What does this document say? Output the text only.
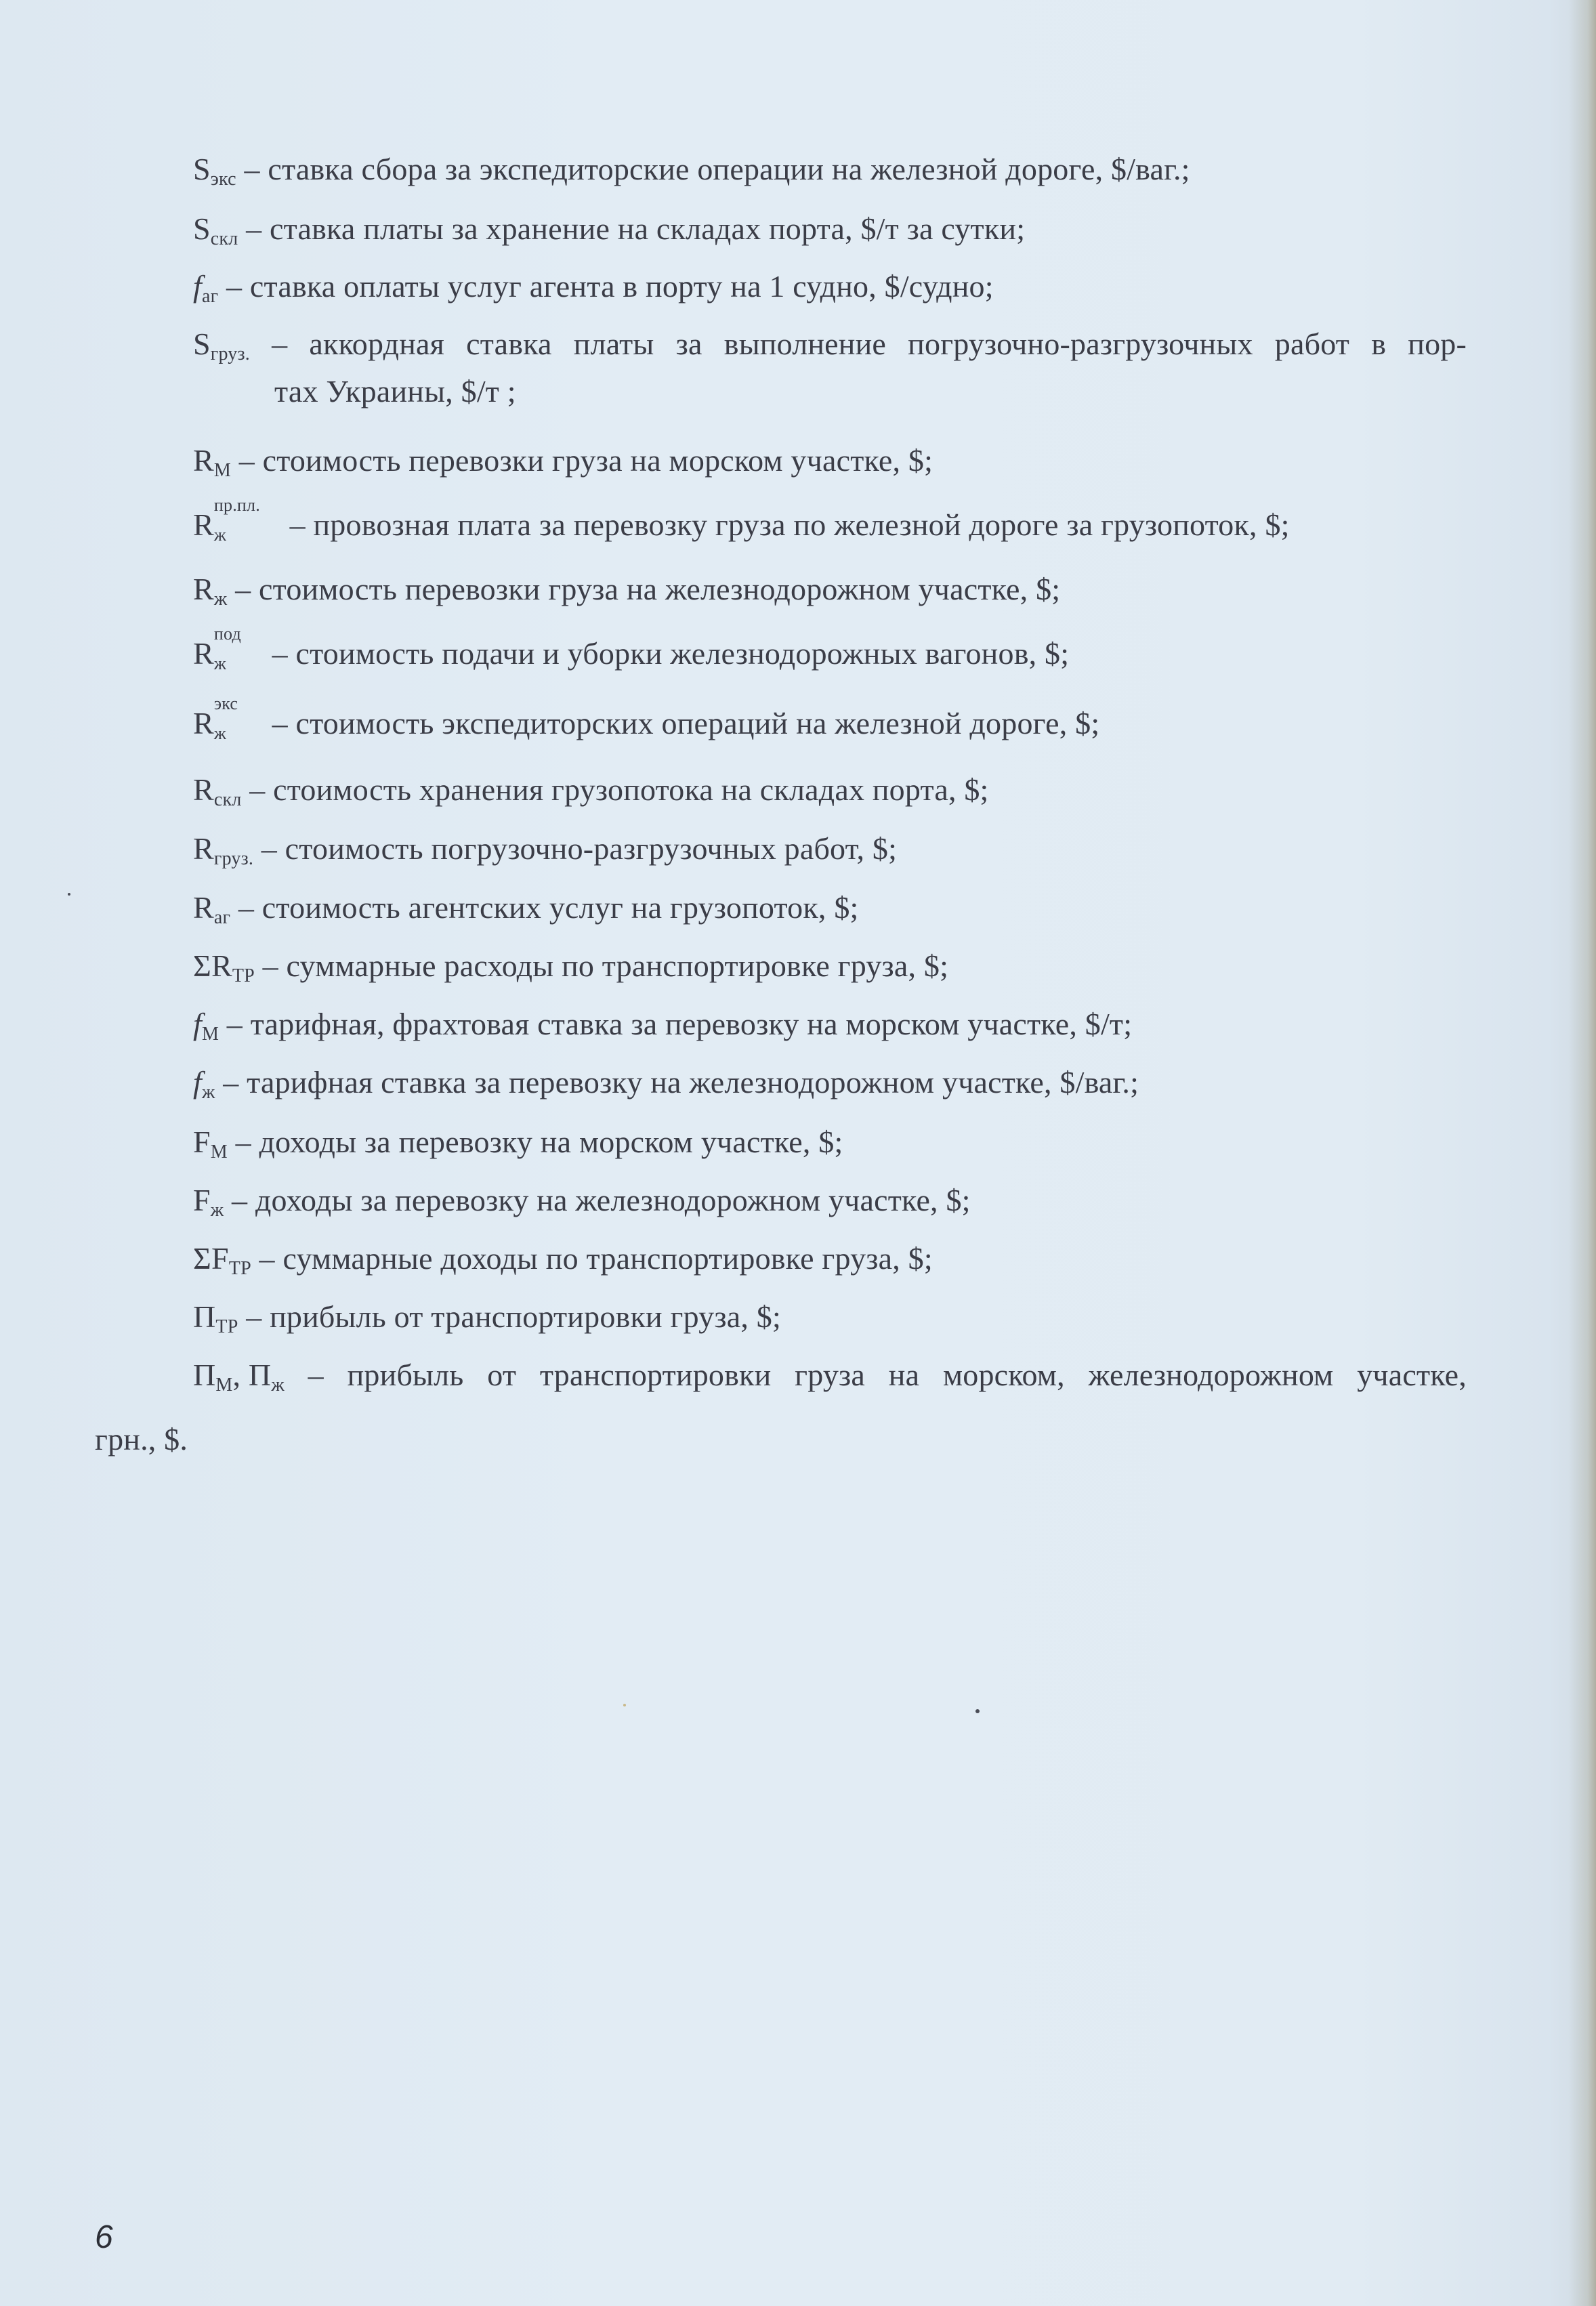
$S_{экс}$ – ставка сбора за экспедиторские операции на железной дороге, $/ваг.;
$S_{скл}$ – ставка платы за хранение на складах порта, $/т за сутки;
$f_{аг}$ – ставка оплаты услуг агента в порту на 1 судно, $/судно;
$S_{груз.}$ – аккордная ставка платы за выполнение погрузочно-разгрузочных работ в пор-
тах Украины, $/т ;
$R_М$ – стоимость перевозки груза на морском участке, $;
R
пр.пл.
ж – провозная плата за перевозку груза по железной дороге за грузопоток, $;
$R_ж$ – стоимость перевозки груза на железнодорожном участке, $;
R
под
ж – стоимость подачи и уборки железнодорожных вагонов, $;
R
экс
ж – стоимость экспедиторских операций на железной дороге, $;
$R_{скл}$ – стоимость хранения грузопотока на складах порта, $;
$R_{груз.}$ – стоимость погрузочно-разгрузочных работ, $;
$R_{аг}$ – стоимость агентских услуг на грузопоток, $;
$\Sigma R_{ТР}$ – суммарные расходы по транспортировке груза, $;
$f_М$ – тарифная, фрахтовая ставка за перевозку на морском участке, $/т;
$f_ж$ – тарифная ставка за перевозку на железнодорожном участке, $/ваг.;
$F_М$ – доходы за перевозку на морском участке, $;
$F_ж$ – доходы за перевозку на железнодорожном участке, $;
$\Sigma F_{ТР}$ – суммарные доходы по транспортировке груза, $;
$П_{ТР}$ – прибыль от транспортировки груза, $;
$П_М$, $П_ж$ – прибыль от транспортировки груза на морском, железнодорожном участке,
грн., $.
6
